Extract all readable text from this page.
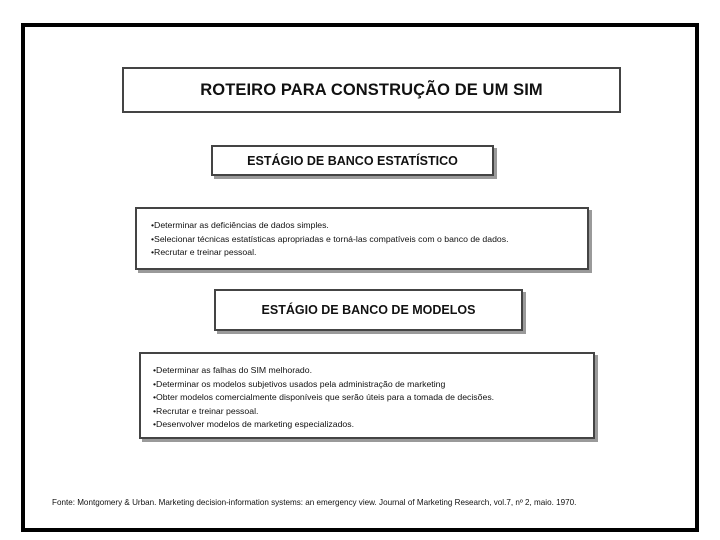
ROTEIRO PARA CONSTRUÇÃO DE UM SIM
ESTÁGIO DE BANCO ESTATÍSTICO
•Determinar as deficiências de dados simples.
•Selecionar técnicas estatísticas apropriadas e torná-las compatíveis com o banco de dados.
•Recrutar e treinar pessoal.
ESTÁGIO DE BANCO DE MODELOS
•Determinar as falhas do SIM melhorado.
•Determinar os modelos subjetivos usados pela administração de marketing
•Obter modelos comercialmente disponíveis que serão úteis para a tomada de decisões.
•Recrutar e treinar pessoal.
•Desenvolver modelos de marketing especializados.
Fonte: Montgomery & Urban. Marketing decision-information systems: an emergency view. Journal of Marketing Research, vol.7, nº 2, maio. 1970.
